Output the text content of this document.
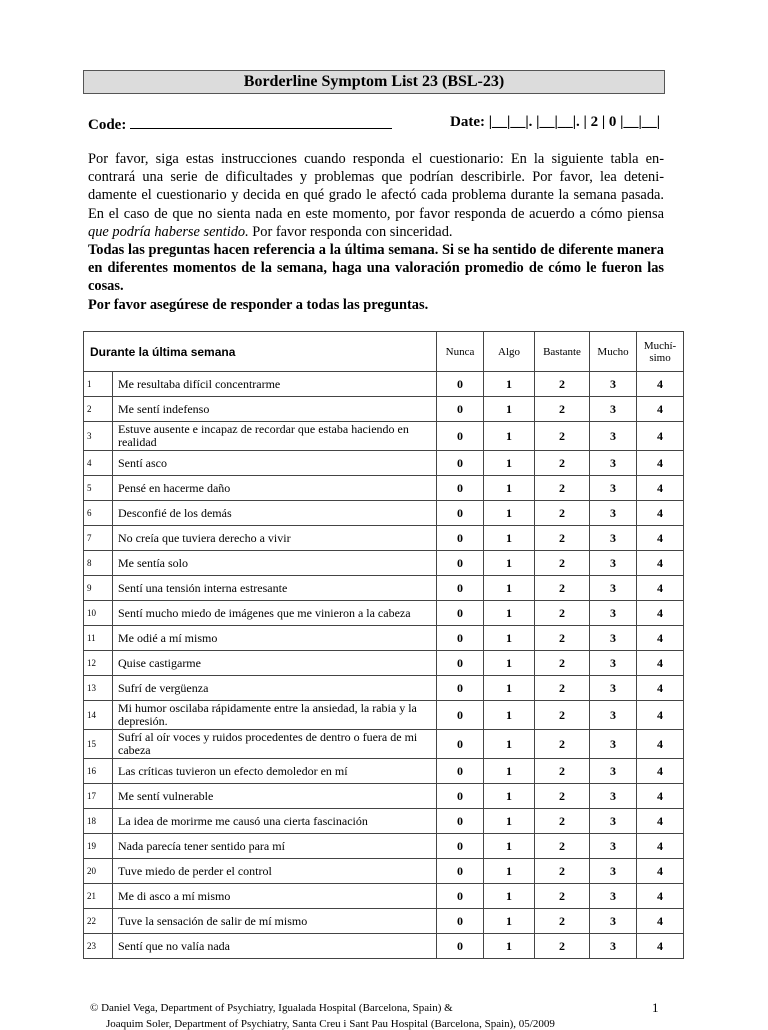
Borderline Symptom List 23 (BSL-23)
Code:	Date: |__|__|. |__|__|. | 2 | 0 |__|__|

Por favor, siga estas instrucciones cuando responda el cuestionario: En la siguiente tabla en-contrará una serie de dificultades y problemas que podrían describirle. Por favor, lea deteni-damente el cuestionario y decida en qué grado le afectó cada problema durante la semana pasada. En el caso de que no sienta nada en este momento, por favor responda de acuerdo a cómo piensa que podría haberse sentido. Por favor responda con sinceridad.

Todas las preguntas hacen referencia a la última semana. Si se ha sentido de diferente manera en diferentes momentos de la semana, haga una valoración promedio de cómo le fueron las cosas.

Por favor asegúrese de responder a todas las preguntas.

Durante la última semana		Nunca	Algo	Bastante	Mucho	Muchí-
simo
1	Me resultaba difícil concentrarme	0	1	2	3	4
2	Me sentí indefenso	0	1	2	3	4
3	Estuve ausente e incapaz de recordar que estaba haciendo en realidad	0	1	2	3	4
4	Sentí asco	0	1	2	3	4
5	Pensé en hacerme daño	0	1	2	3	4
6	Desconfié de los demás	0	1	2	3	4
7	No creía que tuviera derecho a vivir	0	1	2	3	4
8	Me sentía solo	0	1	2	3	4
9	Sentí una tensión interna estresante	0	1	2	3	4
10	Sentí mucho miedo de imágenes que me vinieron a la cabeza	0	1	2	3	4
11	Me odié a mí mismo	0	1	2	3	4
12	Quise castigarme	0	1	2	3	4
13	Sufrí de vergüenza	0	1	2	3	4
14	Mi humor oscilaba rápidamente entre la ansiedad, la rabia y la depresión.	0	1	2	3	4
15	Sufrí al oír voces y ruidos procedentes de dentro o fuera de mi cabeza	0	1	2	3	4
16	Las críticas tuvieron un efecto demoledor en mí	0	1	2	3	4
17	Me sentí vulnerable	0	1	2	3	4
18	La idea de morirme me causó una cierta fascinación	0	1	2	3	4
19	Nada parecía tener sentido para mí	0	1	2	3	4
20	Tuve miedo de perder el control	0	1	2	3	4
21	Me di asco a mí mismo	0	1	2	3	4
22	Tuve la sensación de salir de mí mismo	0	1	2	3	4
23	Sentí que no valía nada	0	1	2	3	4
© Daniel Vega, Department of Psychiatry, Igualada Hospital (Barcelona, Spain) &
Joaquim Soler, Department of Psychiatry, Santa Creu i Sant Pau Hospital (Barcelona, Spain), 05/2009
1
